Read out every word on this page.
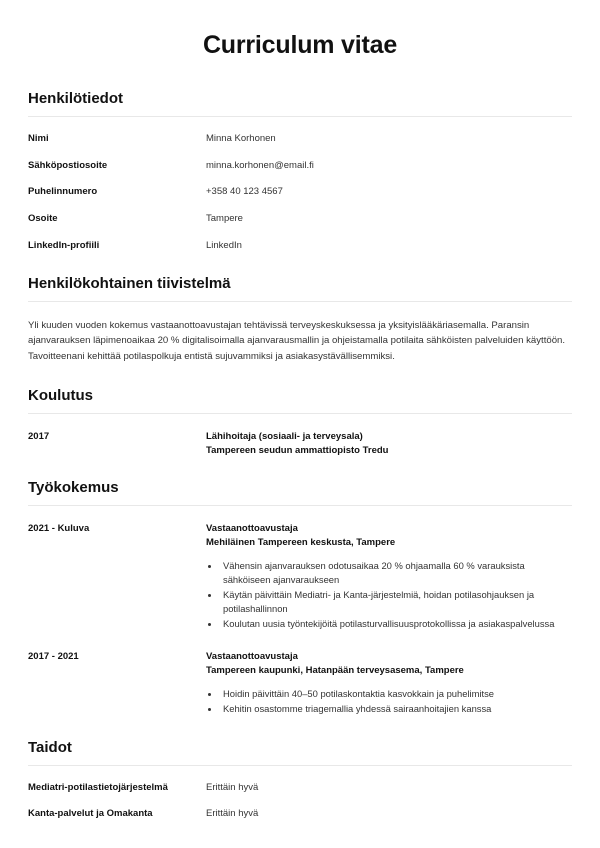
Curriculum vitae
Henkilötiedot
Nimi	Minna Korhonen
Sähköpostiosoite	minna.korhonen@email.fi
Puhelinnumero	+358 40 123 4567
Osoite	Tampere
LinkedIn-profiili	LinkedIn
Henkilökohtainen tiivistelmä

Yli kuuden vuoden kokemus vastaanottoavustajan tehtävissä terveyskeskuksessa ja yksityislääkäriasemalla. Paransin ajanvarauksen läpimenoaikaa 20 % digitalisoimalla ajanvarausmallin ja ohjeistamalla potilaita sähköisten palveluiden käyttöön. Tavoitteenani kehittää potilaspolkuja entistä sujuvammiksi ja asiakasystävällisemmiksi.

Koulutus
2017	Lähihoitaja (sosiaali- ja terveysala)
Tampereen seudun ammattiopisto Tredu
Työkokemus
2021 - Kuluva	Vastaanottoavustaja
Mehiläinen Tampereen keskusta, Tampere
• Vähensin ajanvarauksen odotusaikaa 20 % ohjaamalla 60 % varauksista sähköiseen ajanvaraukseen
• Käytän päivittäin Mediatri- ja Kanta-järjestelmiä, hoidan potilasohjauksen ja potilashallinnon
• Koulutan uusia työntekijöitä potilasturvallisuusprotokollissa ja asiakaspalvelussa
2017 - 2021	Vastaanottoavustaja
Tampereen kaupunki, Hatanpään terveysasema, Tampere
• Hoidin päivittäin 40–50 potilaskontaktia kasvokkain ja puhelimitse
• Kehitin osastomme triagemallia yhdessä sairaanhoitajien kanssa
Taidot
Mediatri-potilastietojärjestelmä	Erittäin hyvä
Kanta-palvelut ja Omakanta	Erittäin hyvä
